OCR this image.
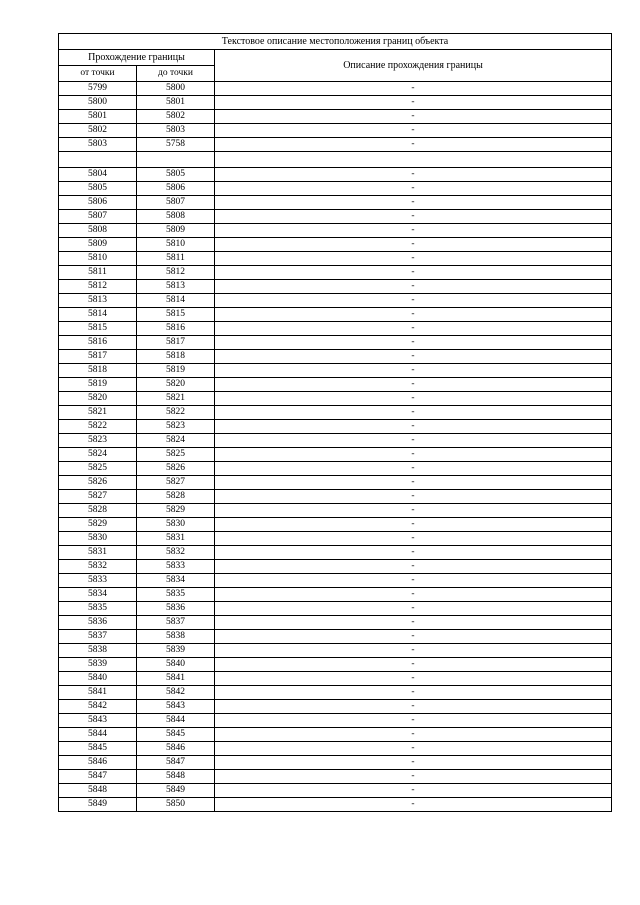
Текстовое описание местоположения границ объекта		
Прохождение границы		Описание прохождения границы
от точки	до точки	
5799	5800	-
5800	5801	-
5801	5802	-
5802	5803	-
5803	5758	-

5804	5805	-
5805	5806	-
5806	5807	-
5807	5808	-
5808	5809	-
5809	5810	-
5810	5811	-
5811	5812	-
5812	5813	-
5813	5814	-
5814	5815	-
5815	5816	-
5816	5817	-
5817	5818	-
5818	5819	-
5819	5820	-
5820	5821	-
5821	5822	-
5822	5823	-
5823	5824	-
5824	5825	-
5825	5826	-
5826	5827	-
5827	5828	-
5828	5829	-
5829	5830	-
5830	5831	-
5831	5832	-
5832	5833	-
5833	5834	-
5834	5835	-
5835	5836	-
5836	5837	-
5837	5838	-
5838	5839	-
5839	5840	-
5840	5841	-
5841	5842	-
5842	5843	-
5843	5844	-
5844	5845	-
5845	5846	-
5846	5847	-
5847	5848	-
5848	5849	-
5849	5850	-
